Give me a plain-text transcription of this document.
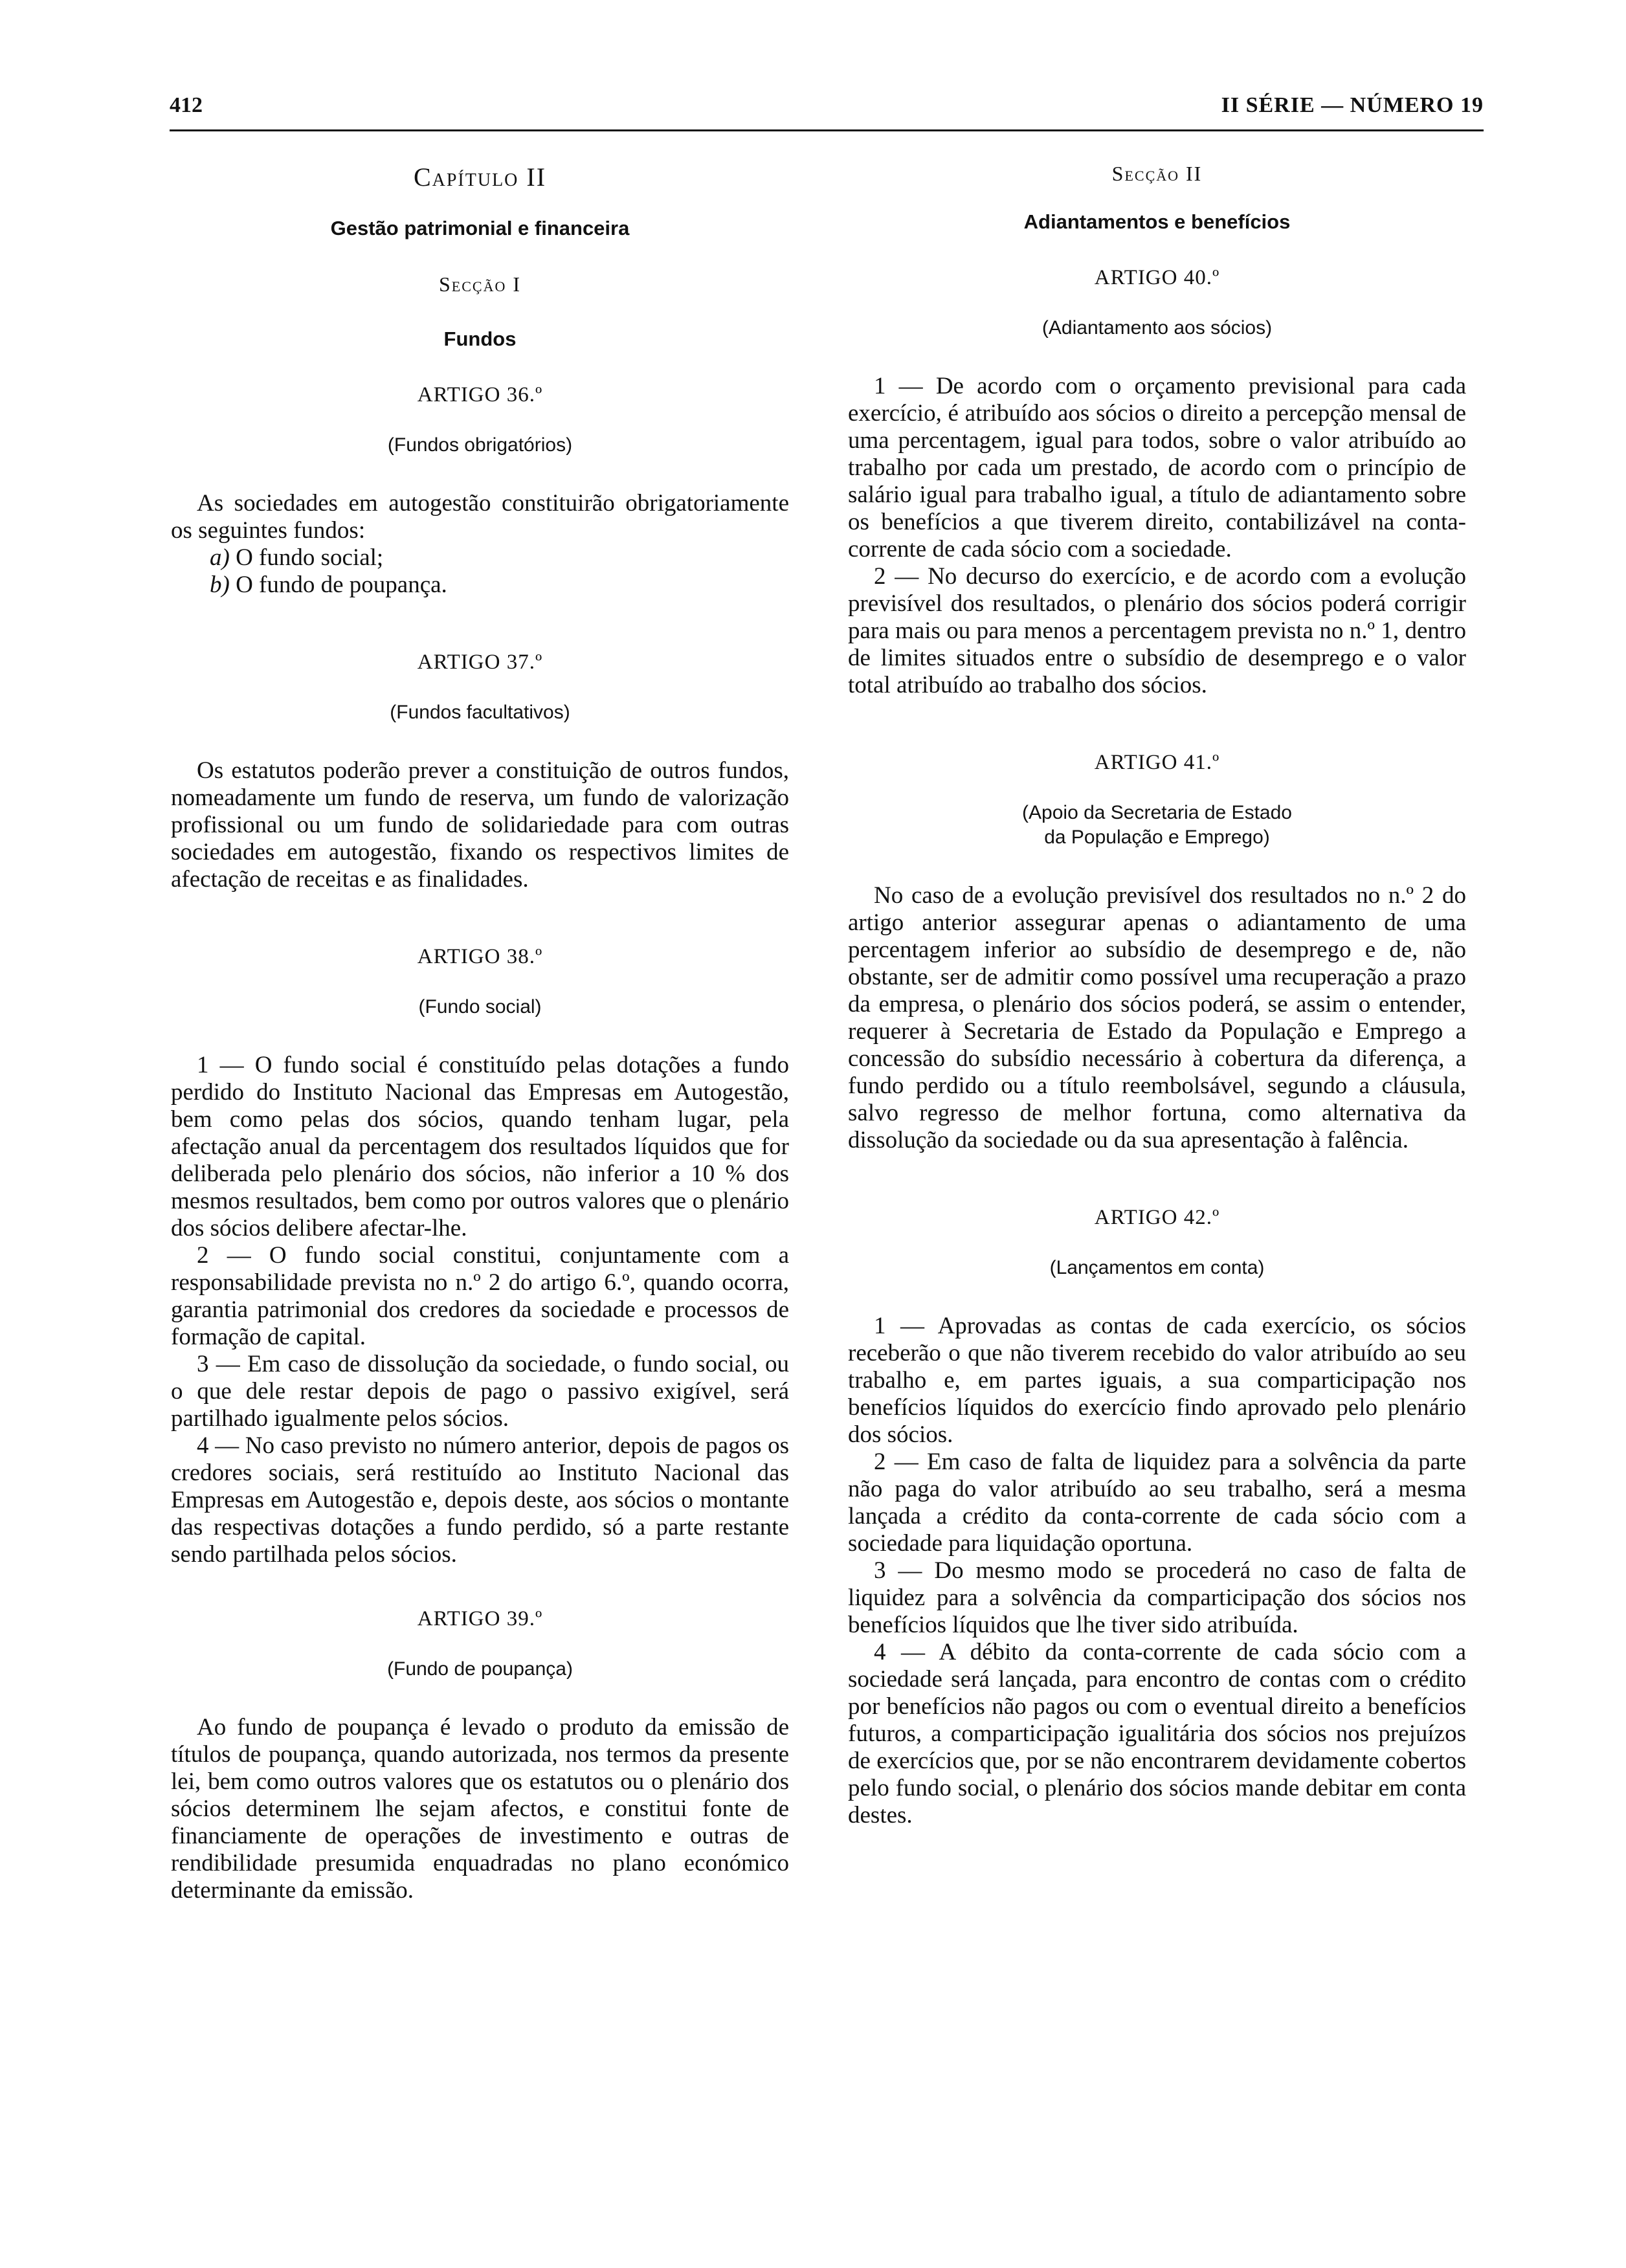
412	II SÉRIE — NÚMERO 19
Capítulo II
Gestão patrimonial e financeira
Secção I
Fundos
ARTIGO 36.º
(Fundos obrigatórios)

As sociedades em autogestão constituirão obrigatoriamente os seguintes fundos:

a) O fundo social;
b) O fundo de poupança.
ARTIGO 37.º
(Fundos facultativos)

Os estatutos poderão prever a constituição de outros fundos, nomeadamente um fundo de reserva, um fundo de valorização profissional ou um fundo de solidariedade para com outras sociedades em autogestão, fixando os respectivos limites de afectação de receitas e as finalidades.

ARTIGO 38.º
(Fundo social)

1 — O fundo social é constituído pelas dotações a fundo perdido do Instituto Nacional das Empresas em Autogestão, bem como pelas dos sócios, quando tenham lugar, pela afectação anual da percentagem dos resultados líquidos que for deliberada pelo plenário dos sócios, não inferior a 10 % dos mesmos resultados, bem como por outros valores que o plenário dos sócios delibere afectar-lhe.

2 — O fundo social constitui, conjuntamente com a responsabilidade prevista no n.º 2 do artigo 6.º, quando ocorra, garantia patrimonial dos credores da sociedade e processos de formação de capital.

3 — Em caso de dissolução da sociedade, o fundo social, ou o que dele restar depois de pago o passivo exigível, será partilhado igualmente pelos sócios.

4 — No caso previsto no número anterior, depois de pagos os credores sociais, será restituído ao Instituto Nacional das Empresas em Autogestão e, depois deste, aos sócios o montante das respectivas dotações a fundo perdido, só a parte restante sendo partilhada pelos sócios.

ARTIGO 39.º
(Fundo de poupança)

Ao fundo de poupança é levado o produto da emissão de títulos de poupança, quando autorizada, nos termos da presente lei, bem como outros valores que os estatutos ou o plenário dos sócios determinem lhe sejam afectos, e constitui fonte de financiamente de operações de investimento e outras de rendibilidade presumida enquadradas no plano económico determinante da emissão.

Secção II
Adiantamentos e benefícios
ARTIGO 40.º
(Adiantamento aos sócios)

1 — De acordo com o orçamento previsional para cada exercício, é atribuído aos sócios o direito a percepção mensal de uma percentagem, igual para todos, sobre o valor atribuído ao trabalho por cada um prestado, de acordo com o princípio de salário igual para trabalho igual, a título de adiantamento sobre os benefícios a que tiverem direito, contabilizável na conta-corrente de cada sócio com a sociedade.

2 — No decurso do exercício, e de acordo com a evolução previsível dos resultados, o plenário dos sócios poderá corrigir para mais ou para menos a percentagem prevista no n.º 1, dentro de limites situados entre o subsídio de desemprego e o valor total atribuído ao trabalho dos sócios.

ARTIGO 41.º
(Apoio da Secretaria de Estado
da População e Emprego)

No caso de a evolução previsível dos resultados no n.º 2 do artigo anterior assegurar apenas o adiantamento de uma percentagem inferior ao subsídio de desemprego e de, não obstante, ser de admitir como possível uma recuperação a prazo da empresa, o plenário dos sócios poderá, se assim o entender, requerer à Secretaria de Estado da População e Emprego a concessão do subsídio necessário à cobertura da diferença, a fundo perdido ou a título reembolsável, segundo a cláusula, salvo regresso de melhor fortuna, como alternativa da dissolução da sociedade ou da sua apresentação à falência.

ARTIGO 42.º
(Lançamentos em conta)

1 — Aprovadas as contas de cada exercício, os sócios receberão o que não tiverem recebido do valor atribuído ao seu trabalho e, em partes iguais, a sua comparticipação nos benefícios líquidos do exercício findo aprovado pelo plenário dos sócios.

2 — Em caso de falta de liquidez para a solvência da parte não paga do valor atribuído ao seu trabalho, será a mesma lançada a crédito da conta-corrente de cada sócio com a sociedade para liquidação oportuna.

3 — Do mesmo modo se procederá no caso de falta de liquidez para a solvência da comparticipação dos sócios nos benefícios líquidos que lhe tiver sido atribuída.

4 — A débito da conta-corrente de cada sócio com a sociedade será lançada, para encontro de contas com o crédito por benefícios não pagos ou com o eventual direito a benefícios futuros, a comparticipação igualitária dos sócios nos prejuízos de exercícios que, por se não encontrarem devidamente cobertos pelo fundo social, o plenário dos sócios mande debitar em conta destes.
